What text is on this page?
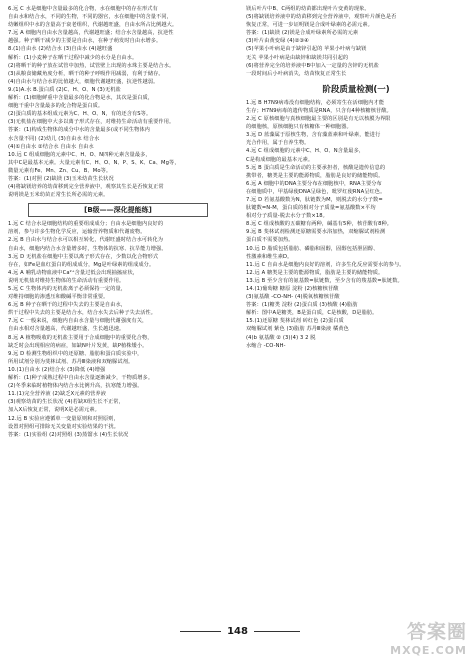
6.远 C 水是细胞中含量最多的化合物，水在细胞中的存在形式有

自由水和结合水，不同的生物，不同的器官，水在细胞中的含量不同，

幼嫩组织中水的含量高于衰老组织，代谢越旺盛，自由水所占比例越大。

7.远 A 细胞内自由水含量越高，代谢越旺盛；结合水含量越高，抗逆性

越强。种子晒干减少的主要是自由水，在种子萌发时自由水增多。

8.(1)自由水 (2)结合水 (3)自由水 (4)越旺盛

解析：(1)小麦种子在晒干过程中减少的水分是自由水。

(2)将晒干的种子放在试管中加热，试管壁上出现的水珠主要是结合水。

(3)从粮食储藏角度分析，晒干的种子呼吸作用减弱，有利于储存。

(4)自由水与结合水的比值越大，细胞代谢越旺盛，抗逆性越弱。

9.(1)A.水 B.蛋白质 (2)C、H、O、N (3)无机盐

解析：(1)细胞鲜重中含量最多的化合物是水，其次是蛋白质，

细胞干重中含量最多的化合物是蛋白质。

(2)蛋白质的基本组成元素为C、H、O、N，有的还含有S等。

(3)无机盐在细胞中大多以离子形式存在，对维持生命活动有重要作用。

答案：(1)构成生物体的成分中水的含量最多(或不同生物体内

水含量不同) (2)幼儿 (3)自由水 结合水

(4)①自由水 ②结合水 自由水 自由水

10.远 C 组成细胞的元素中C、H、O、N四种元素含量最多，

其中C是最基本元素。大量元素有C、H、O、N、P、S、K、Ca、Mg等，

微量元素有Fe、Mn、Zn、Cu、B、Mo等。

答案：(1)对照 (2)缺镁 (3)玉米幼苗生长状况

(4)将缺镁培养的幼苗移到完全营养液中，观察其生长是否恢复正常

说明镁是玉米幼苗正常生长所必需的元素。

[B级——深化提能练]

1.远 C 结合水是细胞结构的重要组成成分；自由水是细胞内良好的

溶剂，参与许多生物化学反应，运输营养物质和代谢废物。

2.远 B 自由水与结合水可以相互转化，代谢旺盛时结合水可转化为

自由水，细胞内结合水含量增多时，生物体的抗寒、抗旱能力增强。

3.远 D 无机盐在细胞中主要以离子形式存在，少数以化合物形式

存在，如Fe是血红蛋白的组成成分，Mg是叶绿素的组成成分。

4.远 A 哺乳动物血液中Ca²⁺含量过低会出现抽搐症状，

说明无机盐对维持生物体的生命活动有重要作用。

5.远 C 生物体内的无机盐离子必须保持一定的量，

对维持细胞的渗透压和酸碱平衡非常重要。

6.远 B 种子在晒干的过程中失去的主要是自由水，

烘干过程中失去的主要是结合水，结合水失去后种子失去活性。

7.远 C 一般来说，细胞内自由水含量与细胞代谢强度有关，

自由水相对含量越高，代谢越旺盛，生长越迅速。

8.远 A 植物吸收的无机盐主要用于合成细胞中的重要化合物，

缺乏时会出现相应的病症，如缺N叶片发黄，缺P植株矮小。

9.远 D 检测生物组织中的还原糖、脂肪和蛋白质实验中，

所用试剂分别为斐林试剂、苏丹Ⅲ染液和双缩脲试剂。

10.(1)自由水 (2)结合水 (3)降低 (4)增强

解析：(1)种子成熟过程中自由水含量逐渐减少，干物质增多。

(2)冬季来临时植物体内结合水比例升高，抗寒能力增强。

11.(1)完全营养液 (2)缺乏X元素的营养液

(3)观察幼苗的生长状况 (4)若缺X组生长不正常，

加入X后恢复正常，说明X是必需元素。

12.远 B 实验应遵循单一变量原则和对照原则，

设置对照组可排除无关变量对实验结果的干扰。

答案：(1)实验组 (2)对照组 (3)蒸馏水 (4)生长状况

镁后叶片中B、C两组的幼苗都出现叶片变黄的现象。

(5)将缺镁培养液中的幼苗移到完全营养液中，观察叶片颜色是否

恢复正常，可进一步证明镁是合成叶绿素的必需元素。

答案：(1)缺镁 (2)镁是合成叶绿素所必需的元素

(3)叶片由黄变绿 (4)②③④

(5)苹果小叶病是由于缺锌引起的 苹果小叶病与缺镁

无关 苹果小叶病是由缺锌和缺镁共同引起的

(6)将营养完全的培养液中B中加入一定量的含锌的无机盐

一段时间后小叶病消失，幼苗恢复正常生长

阶段质量检测(一)

1.远 B H7N9病毒没有细胞结构，必须寄生在活细胞内才能

生存；H7N9病毒的遗传物质是RNA，只含有4种核糖核苷酸。

2.远 C 原核细胞与真核细胞最主要的区别是有无以核膜为界限

的细胞核，原核细胞只有核糖体一种细胞器。

3.远 D 蓝藻属于原核生物，含有藻蓝素和叶绿素，能进行

光合作用，属于自养生物。

4.远 C 组成细胞的元素中C、H、O、N含量最多，

C是构成细胞的最基本元素。

5.远 B 蛋白质是生命活动的主要承担者，核酸是遗传信息的

携带者，糖类是主要的能源物质，脂肪是良好的储能物质。

6.远 A 细胞中的DNA主要分布在细胞核中，RNA主要分布

在细胞质中，甲基绿使DNA呈绿色，吡罗红使RNA呈红色。

7.远 D 若氨基酸数为N，肽链数为M，则脱去的水分子数=

肽键数=N-M，蛋白质的相对分子质量=氨基酸数×平均

相对分子质量-脱去水分子数×18。

8.远 C 组成核酸的五碳糖有两种，碱基有5种，核苷酸有8种。

9.远 B 斐林试剂检测还原糖需要水浴加热，双缩脲试剂检测

蛋白质不需要加热。

10.远 D 脂质包括脂肪、磷脂和固醇，固醇包括胆固醇、

性激素和维生素D。

11.远 C 自由水是细胞内良好的溶剂，许多生化反应需要水的参与。

12.远 A 糖类是主要的能源物质，脂肪是主要的储能物质。

13.远 B 至少含有的氨基数=肽链数，至少含有的羧基数=肽链数。

14.(1)葡萄糖 糖原 淀粉 (2)核糖核苷酸

(3)氨基酸 -CO-NH- (4)脱氧核糖核苷酸

答案：(1)糖类 淀粉 (2)蛋白质 (3)核酸 (4)脂肪

解析：图中A是糖类，B是蛋白质，C是核酸，D是脂肪。

15.(1)还原糖 斐林试剂 砖红色 (2)蛋白质

双缩脲试剂 紫色 (3)脂肪 苏丹Ⅲ染液 橘黄色

(4)b 氨基酸 ② (3)(4) 3 2 脱

水缩合 -CO-NH-

148	答案圈
MXQE.COM
